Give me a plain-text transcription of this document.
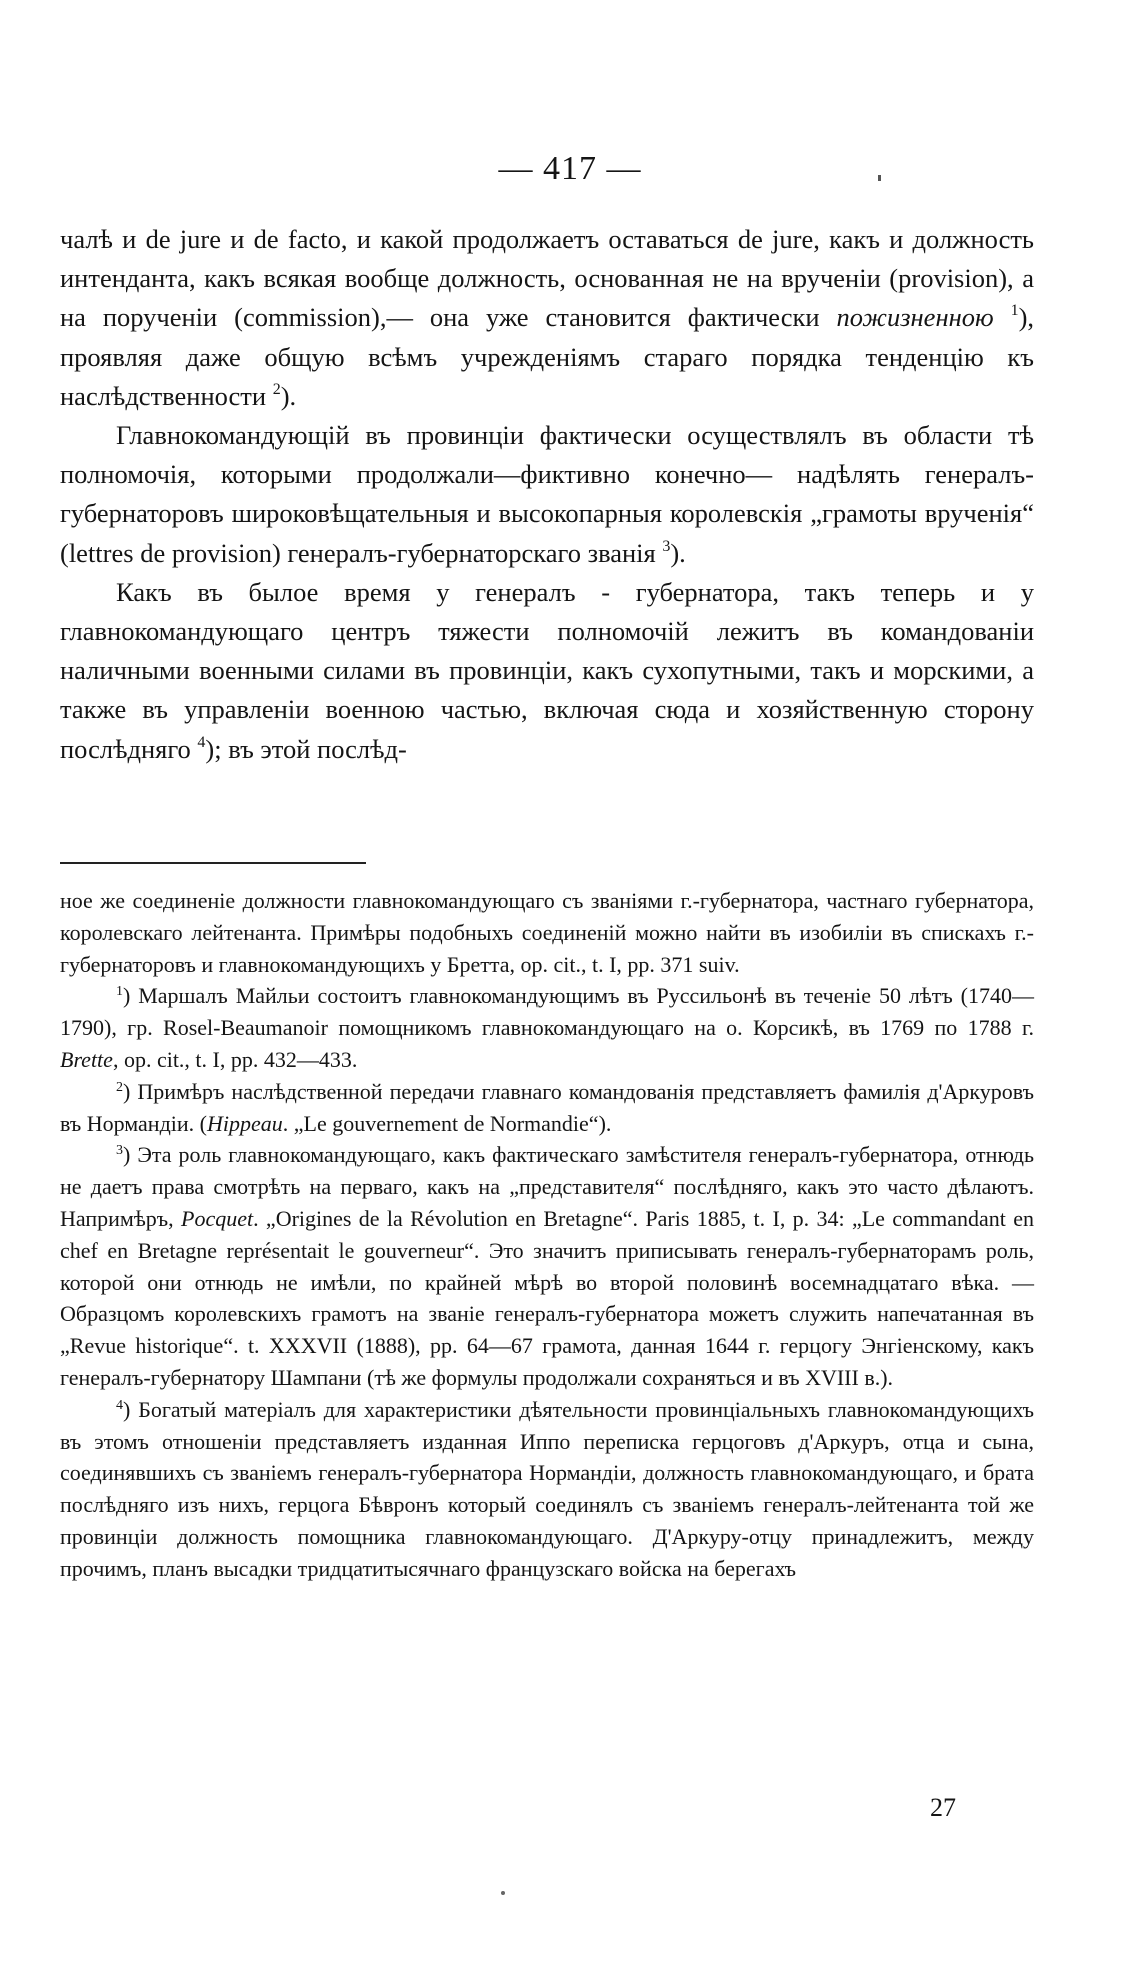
— 417 —

чалѣ и de jure и de facto, и какой продолжаетъ оставаться de jure, какъ и должность интенданта, какъ всякая вообще должность, основанная не на врученіи (provision), а на порученіи (commission),— она уже становится фактически пожизненною $^1$), проявляя даже общую всѣмъ учрежденіямъ стараго порядка тенденцію къ наслѣдственности $^2$).

Главнокомандующій въ провинціи фактически осуществлялъ въ области тѣ полномочія, которыми продолжали—фиктивно конечно— надѣлять генералъ-губернаторовъ широковѣщательныя и высокопарныя королевскія „грамоты врученія“ (lettres de provision) генералъ-губернаторскаго званія $^3$).

Какъ въ былое время у генералъ - губернатора, такъ теперь и у главнокомандующаго центръ тяжести полномочій лежитъ въ командованіи наличными военными силами въ провинціи, какъ сухопутными, такъ и морскими, а также въ управленіи военною частью, включая сюда и хозяйственную сторону послѣдняго $^4$); въ этой послѣд-

ное же соединеніе должности главнокомандующаго съ званіями г.-губернатора, частнаго губернатора, королевскаго лейтенанта. Примѣры подобныхъ соединеній можно найти въ изобиліи въ спискахъ г.-губернаторовъ и главнокомандующихъ у Бретта, op. cit., t. I, pp. 371 suiv.

$^1$) Маршалъ Майльи состоитъ главнокомандующимъ въ Руссильонѣ въ теченіе 50 лѣтъ (1740—1790), гр. Rosel-Beaumanoir помощникомъ главнокомандующаго на о. Корсикѣ, въ 1769 по 1788 г. Brette, op. cit., t. I, pp. 432—433.

$^2$) Примѣръ наслѣдственной передачи главнаго командованія представляетъ фамилія д'Аркуровъ въ Нормандіи. (Hippeau. „Le gouvernement de Normandie“).

$^3$) Эта роль главнокомандующаго, какъ фактическаго замѣстителя генералъ-губернатора, отнюдь не даетъ права смотрѣть на перваго, какъ на „представителя“ послѣдняго, какъ это часто дѣлаютъ. Напримѣръ, Pocquet. „Origines de la Révolution en Bretagne“. Paris 1885, t. I, p. 34: „Le commandant en chef en Bretagne représentait le gouverneur“. Это значитъ приписывать генералъ-губернаторамъ роль, которой они отнюдь не имѣли, по крайней мѣрѣ во второй половинѣ восемнадцатаго вѣка. — Образцомъ королевскихъ грамотъ на званіе генералъ-губернатора можетъ служить напечатанная въ „Revue historique“. t. XXXVII (1888), pp. 64—67 грамота, данная 1644 г. герцогу Энгіенскому, какъ генералъ-губернатору Шампани (тѣ же формулы продолжали сохраняться и въ XVIII в.).

$^4$) Богатый матеріалъ для характеристики дѣятельности провинціальныхъ главнокомандующихъ въ этомъ отношеніи представляетъ изданная Иппо переписка герцоговъ д'Аркуръ, отца и сына, соединявшихъ съ званіемъ генералъ-губернатора Нормандіи, должность главнокомандующаго, и брата послѣдняго изъ нихъ, герцога Бѣвронъ который соединялъ съ званіемъ генералъ-лейтенанта той же провинціи должность помощника главнокомандующаго. Д'Аркуру-отцу принадлежитъ, между прочимъ, планъ высадки тридцатитысячнаго французскаго войска на берегахъ

27
